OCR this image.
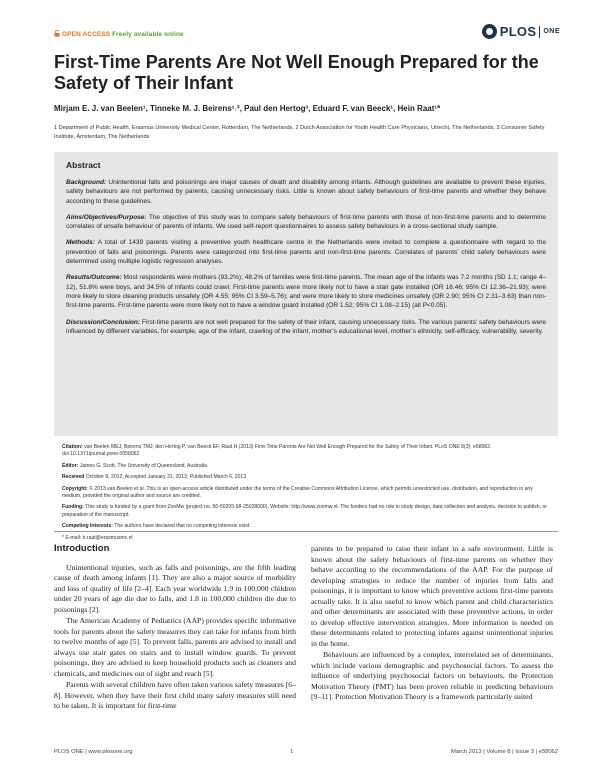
OPEN ACCESS Freely available online	PLOS ONE
First-Time Parents Are Not Well Enough Prepared for the Safety of Their Infant
Mirjam E. J. van Beelen¹, Tinneke M. J. Beirens¹˒², Paul den Hertog³, Eduard F. van Beeck¹, Hein Raat¹*
1 Department of Public Health, Erasmus University Medical Center, Rotterdam, The Netherlands, 2 Dutch Association for Youth Health Care Physicians, Utrecht, The Netherlands, 3 Consumer Safety Institute, Amsterdam, The Netherlands
Abstract

Background: Unintentional falls and poisonings are major causes of death and disability among infants. Although guidelines are available to prevent these injuries, safety behaviours are not performed by parents, causing unnecessary risks. Little is known about safety behaviours of first-time parents and whether they behave according to these guidelines.

Aims/Objectives/Purpose: The objective of this study was to compare safety behaviours of first-time parents with those of non-first-time parents and to determine correlates of unsafe behaviour of parents of infants. We used self-report questionnaires to assess safety behaviours in a cross-sectional study sample.

Methods: A total of 1439 parents visiting a preventive youth healthcare centre in the Netherlands were invited to complete a questionnaire with regard to the prevention of falls and poisonings. Parents were categorized into first-time parents and non-first-time parents. Correlates of parents’ child safety behaviours were determined using multiple logistic regression analyses.

Results/Outcome: Most respondents were mothers (93.2%); 48.2% of families were first-time parents. The mean age of the infants was 7.2 months (SD 1.1; range 4–12), 51.8% were boys, and 34.5% of infants could crawl. First-time parents were more likely not to have a stair gate installed (OR 16.46; 95% CI 12.36–21.93); were more likely to store cleaning products unsafely (OR 4.55; 95% CI 3.59–5.76); and were more likely to store medicines unsafely (OR 2.90; 95% CI 2.31–3.63) than non-first-time parents. First-time parents were more likely not to have a window guard installed (OR 1.52; 95% CI 1.08–2.15) (all P<0.05).

Discussion/Conclusion: First-time parents are not well prepared for the safety of their infant, causing unnecessary risks. The various parents’ safety behaviours were influenced by different variables, for example, age of the infant, crawling of the infant, mother’s educational level, mother’s ethnicity, self-efficacy, vulnerability, severity.

Citation: van Beelen MEJ, Beirens TMJ, den Hertog P, van Beeck EF, Raat H (2013) First-Time Parents Are Not Well Enough Prepared for the Safety of Their Infant. PLoS ONE 8(3): e58062. doi:10.1371/journal.pone.0058062

Editor: James G. Scott, The University of Queensland, Australia

Received October 9, 2012; Accepted January 31, 2013; Published March 6, 2013

Copyright: © 2013 van Beelen et al. This is an open-access article distributed under the terms of the Creative Commons Attribution License, which permits unrestricted use, distribution, and reproduction in any medium, provided the original author and source are credited.

Funding: This study is funded by a grant from ZonMw (project no. 50-50205-98-25028000). Website: http://www.zonmw.nl. The funders had no role in study design, data collection and analysis, decision to publish, or preparation of the manuscript.

Competing Interests: The authors have declared that no competing interests exist.

* E-mail: h.raat@erasmusmc.nl

Introduction

Unintentional injuries, such as falls and poisonings, are the fifth leading cause of death among infants [1]. They are also a major source of morbidity and loss of quality of life [2–4]. Each year worldwide 1.9 in 100,000 children under 20 years of age die due to falls, and 1.8 in 100,000 children die due to poisonings [2].

The American Academy of Pediatrics (AAP) provides specific informative tools for parents about the safety measures they can take for infants from birth to twelve months of age [5]. To prevent falls, parents are advised to install and always use stair gates on stairs and to install window guards. To prevent poisonings, they are advised to keep household products such as cleaners and chemicals, and medicines out of sight and reach [5].

Parents with several children have often taken various safety measures [6–8]. However, when they have their first child many safety measures still need to be taken. It is important for first-time

parents to be prepared to raise their infant in a safe environment. Little is known about the safety behaviours of first-time parents on whether they behave according to the recommendations of the AAP. For the purpose of developing strategies to reduce the number of injuries from falls and poisonings, it is important to know which preventive actions first-time parents actually take. It is also useful to know which parent and child characteristics and other determinants are associated with these preventive actions, in order to develop effective intervention strategies. More information is needed on these determinants related to protecting infants against unintentional injuries in the home.

Behaviours are influenced by a complex, interrelated set of determinants, which include various demographic and psychosocial factors. To assess the influence of underlying psychosocial factors on behaviours, the Protection Motivation Theory (PMT) has been proven reliable in predicting behaviours [9–11]. Protection Motivation Theory is a framework particularly suited

PLOS ONE | www.plosone.org	1	March 2013 | Volume 8 | Issue 3 | e58062
